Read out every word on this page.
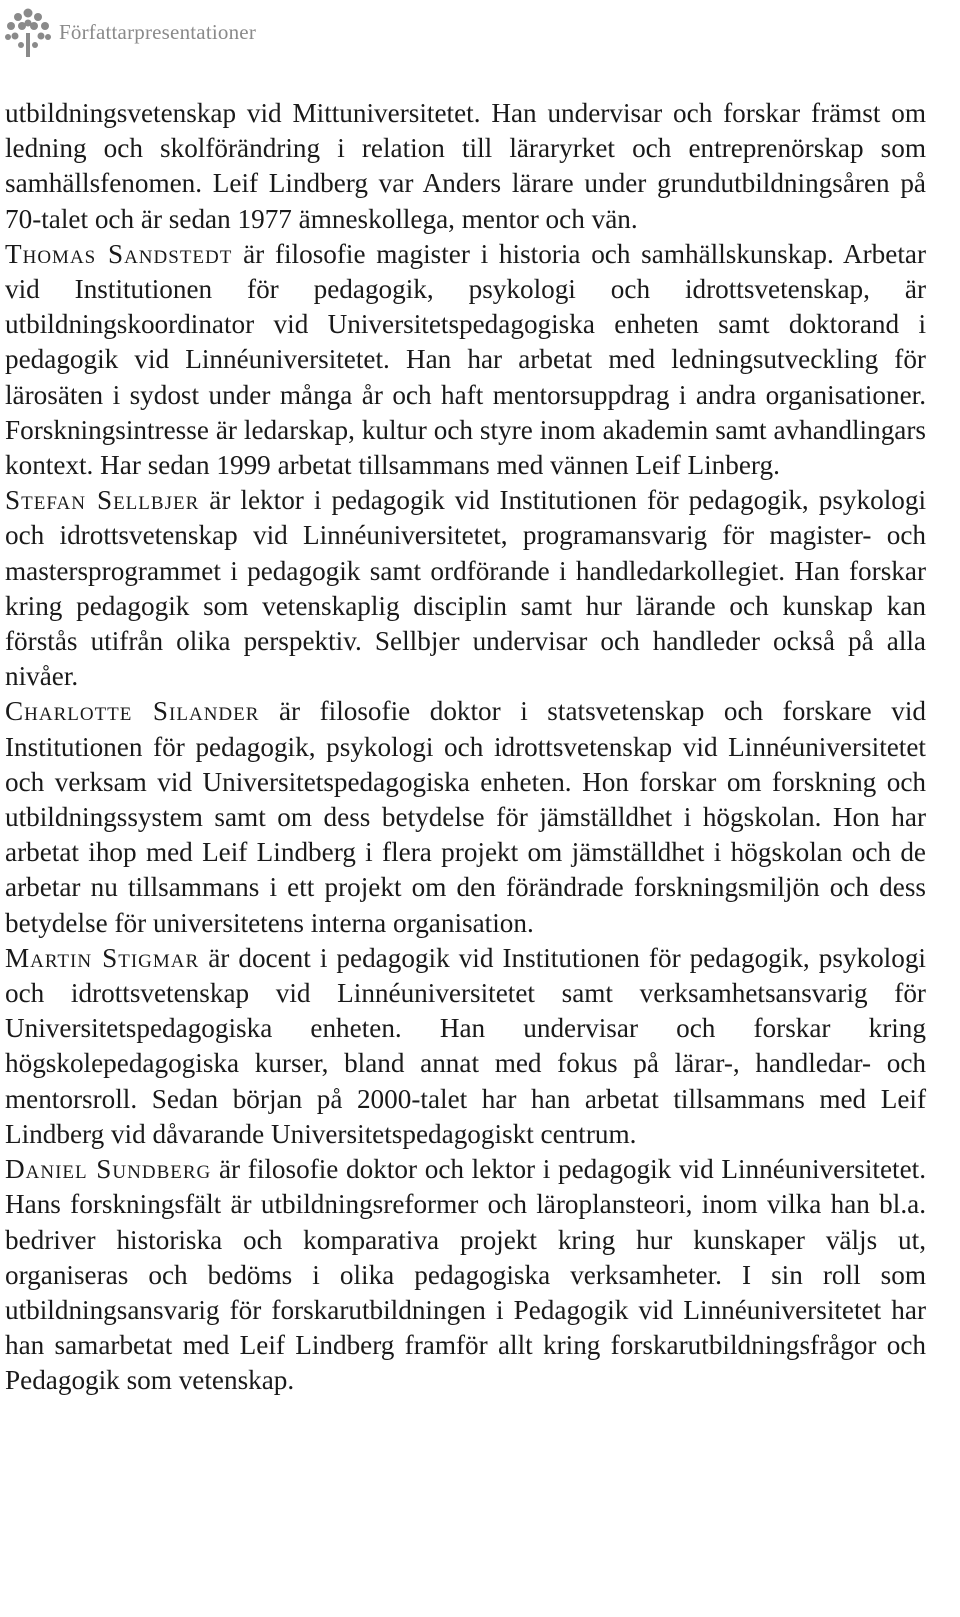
Författarpresentationer

utbildningsvetenskap vid Mittuniversitetet. Han undervisar och forskar främst om ledning och skolförändring i relation till läraryrket och entreprenörskap som samhällsfenomen. Leif Lindberg var Anders lärare under grundutbildningsåren på 70-talet och är sedan 1977 ämneskollega, mentor och vän.

Thomas Sandstedt är filosofie magister i historia och samhällskunskap. Arbetar vid Institutionen för pedagogik, psykologi och idrottsvetenskap, är utbildningskoordinator vid Universitetspedagogiska enheten samt doktorand i pedagogik vid Linnéuniversitetet. Han har arbetat med ledningsutveckling för lärosäten i sydost under många år och haft mentorsuppdrag i andra organisationer. Forskningsintresse är ledarskap, kultur och styre inom akademin samt avhandlingars kontext. Har sedan 1999 arbetat tillsammans med vännen Leif Linberg.

Stefan Sellbjer är lektor i pedagogik vid Institutionen för pedagogik, psykologi och idrottsvetenskap vid Linnéuniversitetet, programansvarig för magister- och mastersprogrammet i pedagogik samt ordförande i handledarkollegiet. Han forskar kring pedagogik som vetenskaplig disciplin samt hur lärande och kunskap kan förstås utifrån olika perspektiv. Sellbjer undervisar och handleder också på alla nivåer.

Charlotte Silander är filosofie doktor i statsvetenskap och forskare vid Institutionen för pedagogik, psykologi och idrottsvetenskap vid Linnéuniversitetet och verksam vid Universitetspedagogiska enheten. Hon forskar om forskning och utbildningssystem samt om dess betydelse för jämställdhet i högskolan. Hon har arbetat ihop med Leif Lindberg i flera projekt om jämställdhet i högskolan och de arbetar nu tillsammans i ett projekt om den förändrade forskningsmiljön och dess betydelse för universitetens interna organisation.

Martin Stigmar är docent i pedagogik vid Institutionen för pedagogik, psykologi och idrottsvetenskap vid Linnéuniversitetet samt verksamhetsansvarig för Universitetspedagogiska enheten. Han undervisar och forskar kring högskolepedagogiska kurser, bland annat med fokus på lärar-, handledar- och mentorsroll. Sedan början på 2000-talet har han arbetat tillsammans med Leif Lindberg vid dåvarande Universitetspedagogiskt centrum.

Daniel Sundberg är filosofie doktor och lektor i pedagogik vid Linnéuniversitetet. Hans forskningsfält är utbildningsreformer och läroplansteori, inom vilka han bl.a. bedriver historiska och komparativa projekt kring hur kunskaper väljs ut, organiseras och bedöms i olika pedagogiska verksamheter. I sin roll som utbildningsansvarig för forskarutbildningen i Pedagogik vid Linnéuniversitetet har han samarbetat med Leif Lindberg framför allt kring forskarutbildningsfrågor och Pedagogik som vetenskap.
